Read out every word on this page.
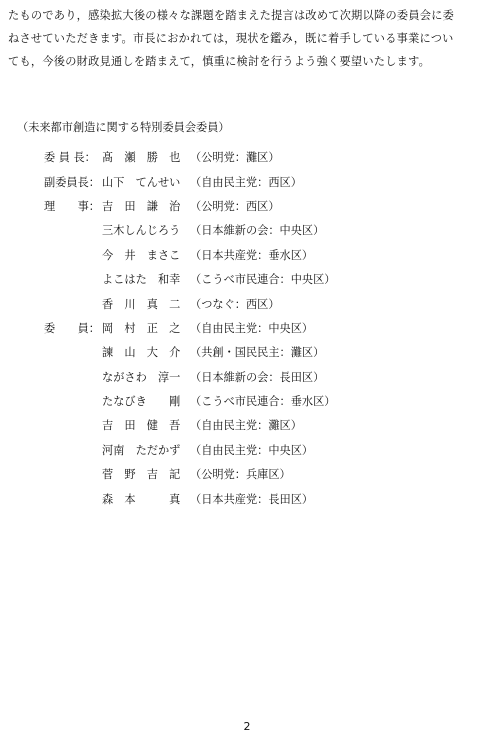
たものであり，感染拡大後の様々な課題を踏まえた提言は改めて次期以降の委員会に委
ねさせていただきます。市長におかれては，現状を鑑み，既に着手している事業につい
ても，今後の財政見通しを踏まえて，慎重に検討を行うよう強く要望いたします。
（未来都市創造に関する特別委員会委員）
委 員 長： 髙　瀬　勝　也 （公明党：灘区）
副委員長： 山下　てんせい （自由民主党：西区）
理　　事： 吉　田　謙　治 （公明党：西区）
三木しんじろう （日本維新の会：中央区）
今　井　まさこ （日本共産党：垂水区）
よこはた　和幸 （こうべ市民連合：中央区）
香　川　真　二 （つなぐ：西区）
委　　員： 岡　村　正　之 （自由民主党：中央区）
諫　山　大　介 （共創・国民民主：灘区）
ながさわ　淳一 （日本維新の会：長田区）
たなびき　　剛 （こうべ市民連合：垂水区）
吉　田　健　吾 （自由民主党：灘区）
河南　ただかず （自由民主党：中央区）
菅　野　吉　記 （公明党：兵庫区）
森　本　　　真 （日本共産党：長田区）
2
